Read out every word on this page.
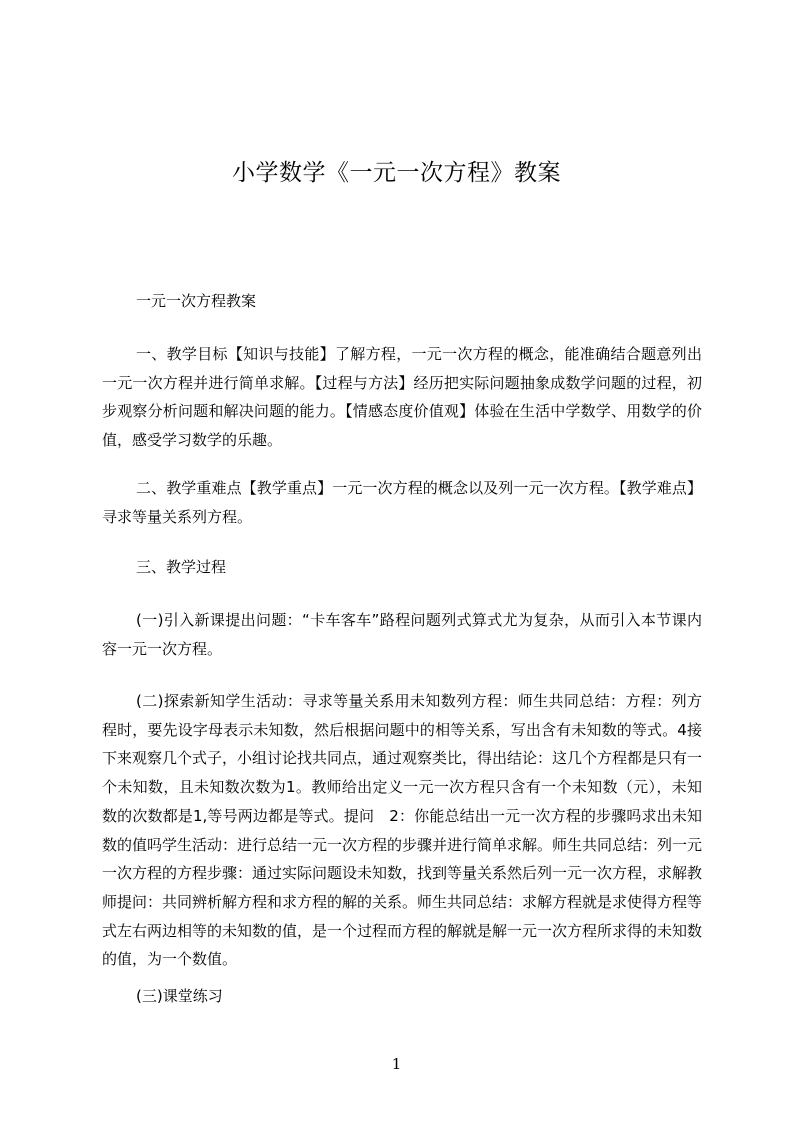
小学数学《一元一次方程》教案

一元一次方程教案

一、教学目标【知识与技能】了解方程，一元一次方程的概念，能准确结合题意列出一元一次方程并进行简单求解。【过程与方法】经历把实际问题抽象成数学问题的过程，初步观察分析问题和解决问题的能力。【情感态度价值观】体验在生活中学数学、用数学的价值，感受学习数学的乐趣。

二、教学重难点【教学重点】一元一次方程的概念以及列一元一次方程。【教学难点】寻求等量关系列方程。

三、教学过程

(一)引入新课提出问题：“卡车客车”路程问题列式算式尤为复杂，从而引入本节课内容一元一次方程。

(二)探索新知学生活动：寻求等量关系用未知数列方程：师生共同总结：方程：列方程时，要先设字母表示未知数，然后根据问题中的相等关系，写出含有未知数的等式。4接下来观察几个式子，小组讨论找共同点，通过观察类比，得出结论：这几个方程都是只有一个未知数，且未知数次数为1。教师给出定义一元一次方程只含有一个未知数（元），未知数的次数都是1,等号两边都是等式。提问　2：你能总结出一元一次方程的步骤吗求出未知数的值吗学生活动：进行总结一元一次方程的步骤并进行简单求解。师生共同总结：列一元一次方程的方程步骤：通过实际问题设未知数，找到等量关系然后列一元一次方程，求解教师提问：共同辨析解方程和求方程的解的关系。师生共同总结：求解方程就是求使得方程等式左右两边相等的未知数的值，是一个过程而方程的解就是解一元一次方程所求得的未知数的值，为一个数值。

(三)课堂练习

1
